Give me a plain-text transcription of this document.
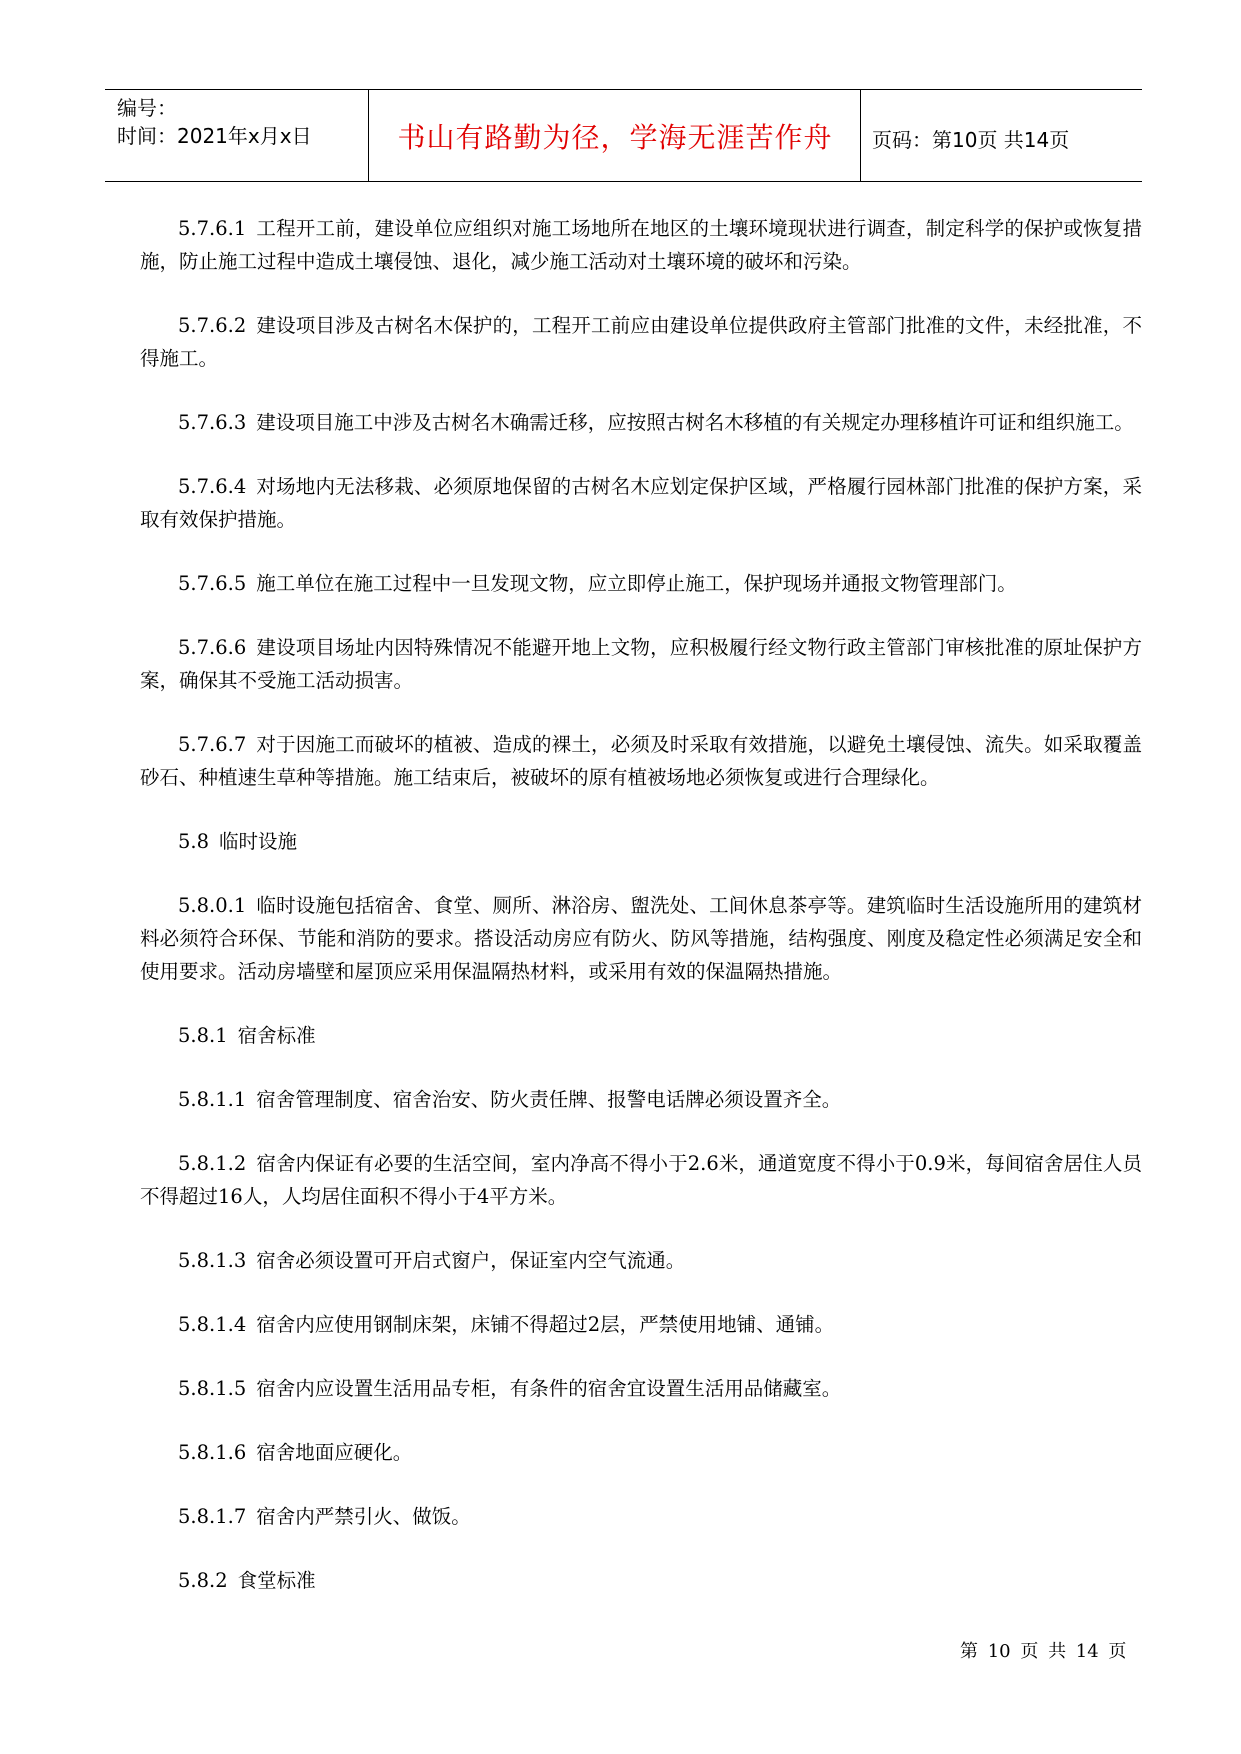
编号：
时间：2021年x月x日	书山有路勤为径，学海无涯苦作舟	页码：第10页 共14页

5.7.6.1 工程开工前，建设单位应组织对施工场地所在地区的土壤环境现状进行调查，制定科学的保护或恢复措施，防止施工过程中造成土壤侵蚀、退化，减少施工活动对土壤环境的破坏和污染。

5.7.6.2 建设项目涉及古树名木保护的，工程开工前应由建设单位提供政府主管部门批准的文件，未经批准，不得施工。

5.7.6.3 建设项目施工中涉及古树名木确需迁移，应按照古树名木移植的有关规定办理移植许可证和组织施工。

5.7.6.4 对场地内无法移栽、必须原地保留的古树名木应划定保护区域，严格履行园林部门批准的保护方案，采取有效保护措施。

5.7.6.5 施工单位在施工过程中一旦发现文物，应立即停止施工，保护现场并通报文物管理部门。

5.7.6.6 建设项目场址内因特殊情况不能避开地上文物，应积极履行经文物行政主管部门审核批准的原址保护方案，确保其不受施工活动损害。

5.7.6.7 对于因施工而破坏的植被、造成的裸土，必须及时采取有效措施，以避免土壤侵蚀、流失。如采取覆盖砂石、种植速生草种等措施。施工结束后，被破坏的原有植被场地必须恢复或进行合理绿化。

5.8 临时设施

5.8.0.1 临时设施包括宿舍、食堂、厕所、淋浴房、盥洗处、工间休息茶亭等。建筑临时生活设施所用的建筑材料必须符合环保、节能和消防的要求。搭设活动房应有防火、防风等措施，结构强度、刚度及稳定性必须满足安全和使用要求。活动房墙壁和屋顶应采用保温隔热材料，或采用有效的保温隔热措施。

5.8.1 宿舍标准

5.8.1.1 宿舍管理制度、宿舍治安、防火责任牌、报警电话牌必须设置齐全。

5.8.1.2 宿舍内保证有必要的生活空间，室内净高不得小于2.6米，通道宽度不得小于0.9米，每间宿舍居住人员不得超过16人，人均居住面积不得小于4平方米。

5.8.1.3 宿舍必须设置可开启式窗户，保证室内空气流通。

5.8.1.4 宿舍内应使用钢制床架，床铺不得超过2层，严禁使用地铺、通铺。

5.8.1.5 宿舍内应设置生活用品专柜，有条件的宿舍宜设置生活用品储藏室。

5.8.1.6 宿舍地面应硬化。

5.8.1.7 宿舍内严禁引火、做饭。

5.8.2 食堂标准

第 10 页 共 14 页
